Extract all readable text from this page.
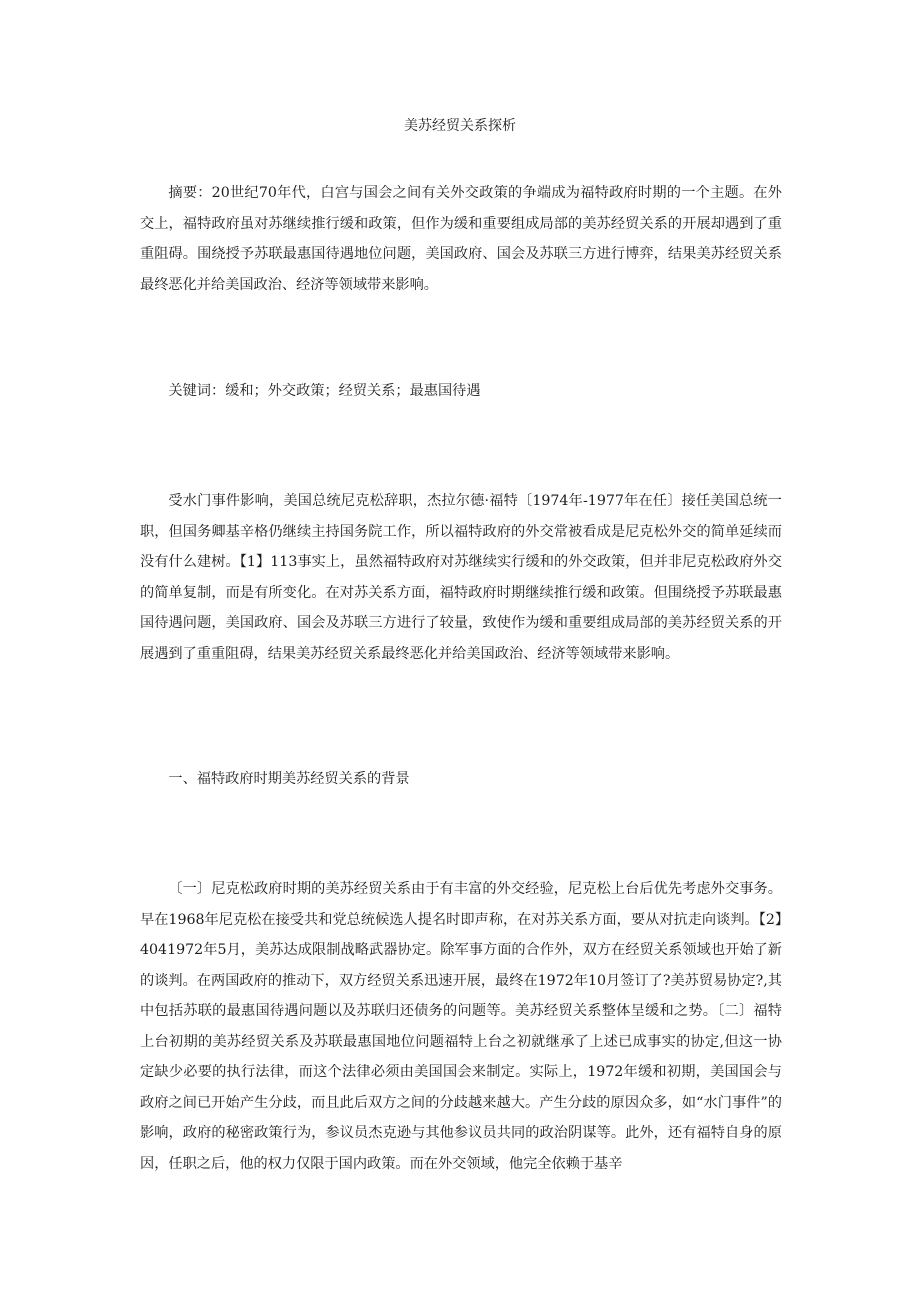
美苏经贸关系探析

摘要：20世纪70年代，白宫与国会之间有关外交政策的争端成为福特政府时期的一个主题。在外交上，福特政府虽对苏继续推行缓和政策，但作为缓和重要组成局部的美苏经贸关系的开展却遇到了重重阻碍。围绕授予苏联最惠国待遇地位问题，美国政府、国会及苏联三方进行博弈，结果美苏经贸关系最终恶化并给美国政治、经济等领域带来影响。

关键词：缓和；外交政策；经贸关系；最惠国待遇

受水门事件影响，美国总统尼克松辞职，杰拉尔德·福特〔1974年-1977年在任〕接任美国总统一职，但国务卿基辛格仍继续主持国务院工作，所以福特政府的外交常被看成是尼克松外交的简单延续而没有什么建树。【1】113事实上，虽然福特政府对苏继续实行缓和的外交政策，但并非尼克松政府外交的简单复制，而是有所变化。在对苏关系方面，福特政府时期继续推行缓和政策。但围绕授予苏联最惠国待遇问题，美国政府、国会及苏联三方进行了较量，致使作为缓和重要组成局部的美苏经贸关系的开展遇到了重重阻碍，结果美苏经贸关系最终恶化并给美国政治、经济等领域带来影响。

一、福特政府时期美苏经贸关系的背景

〔一〕尼克松政府时期的美苏经贸关系由于有丰富的外交经验，尼克松上台后优先考虑外交事务。早在1968年尼克松在接受共和党总统候选人提名时即声称，在对苏关系方面，要从对抗走向谈判。【2】4041972年5月，美苏达成限制战略武器协定。除军事方面的合作外，双方在经贸关系领域也开始了新的谈判。在两国政府的推动下，双方经贸关系迅速开展，最终在1972年10月签订了?美苏贸易协定?,其中包括苏联的最惠国待遇问题以及苏联归还债务的问题等。美苏经贸关系整体呈缓和之势。〔二〕福特上台初期的美苏经贸关系及苏联最惠国地位问题福特上台之初就继承了上述已成事实的协定,但这一协定缺少必要的执行法律，而这个法律必须由美国国会来制定。实际上，1972年缓和初期，美国国会与政府之间已开始产生分歧，而且此后双方之间的分歧越来越大。产生分歧的原因众多，如“水门事件”的影响，政府的秘密政策行为，参议员杰克逊与其他参议员共同的政治阴谋等。此外，还有福特自身的原因，任职之后，他的权力仅限于国内政策。而在外交领域，他完全依赖于基辛
